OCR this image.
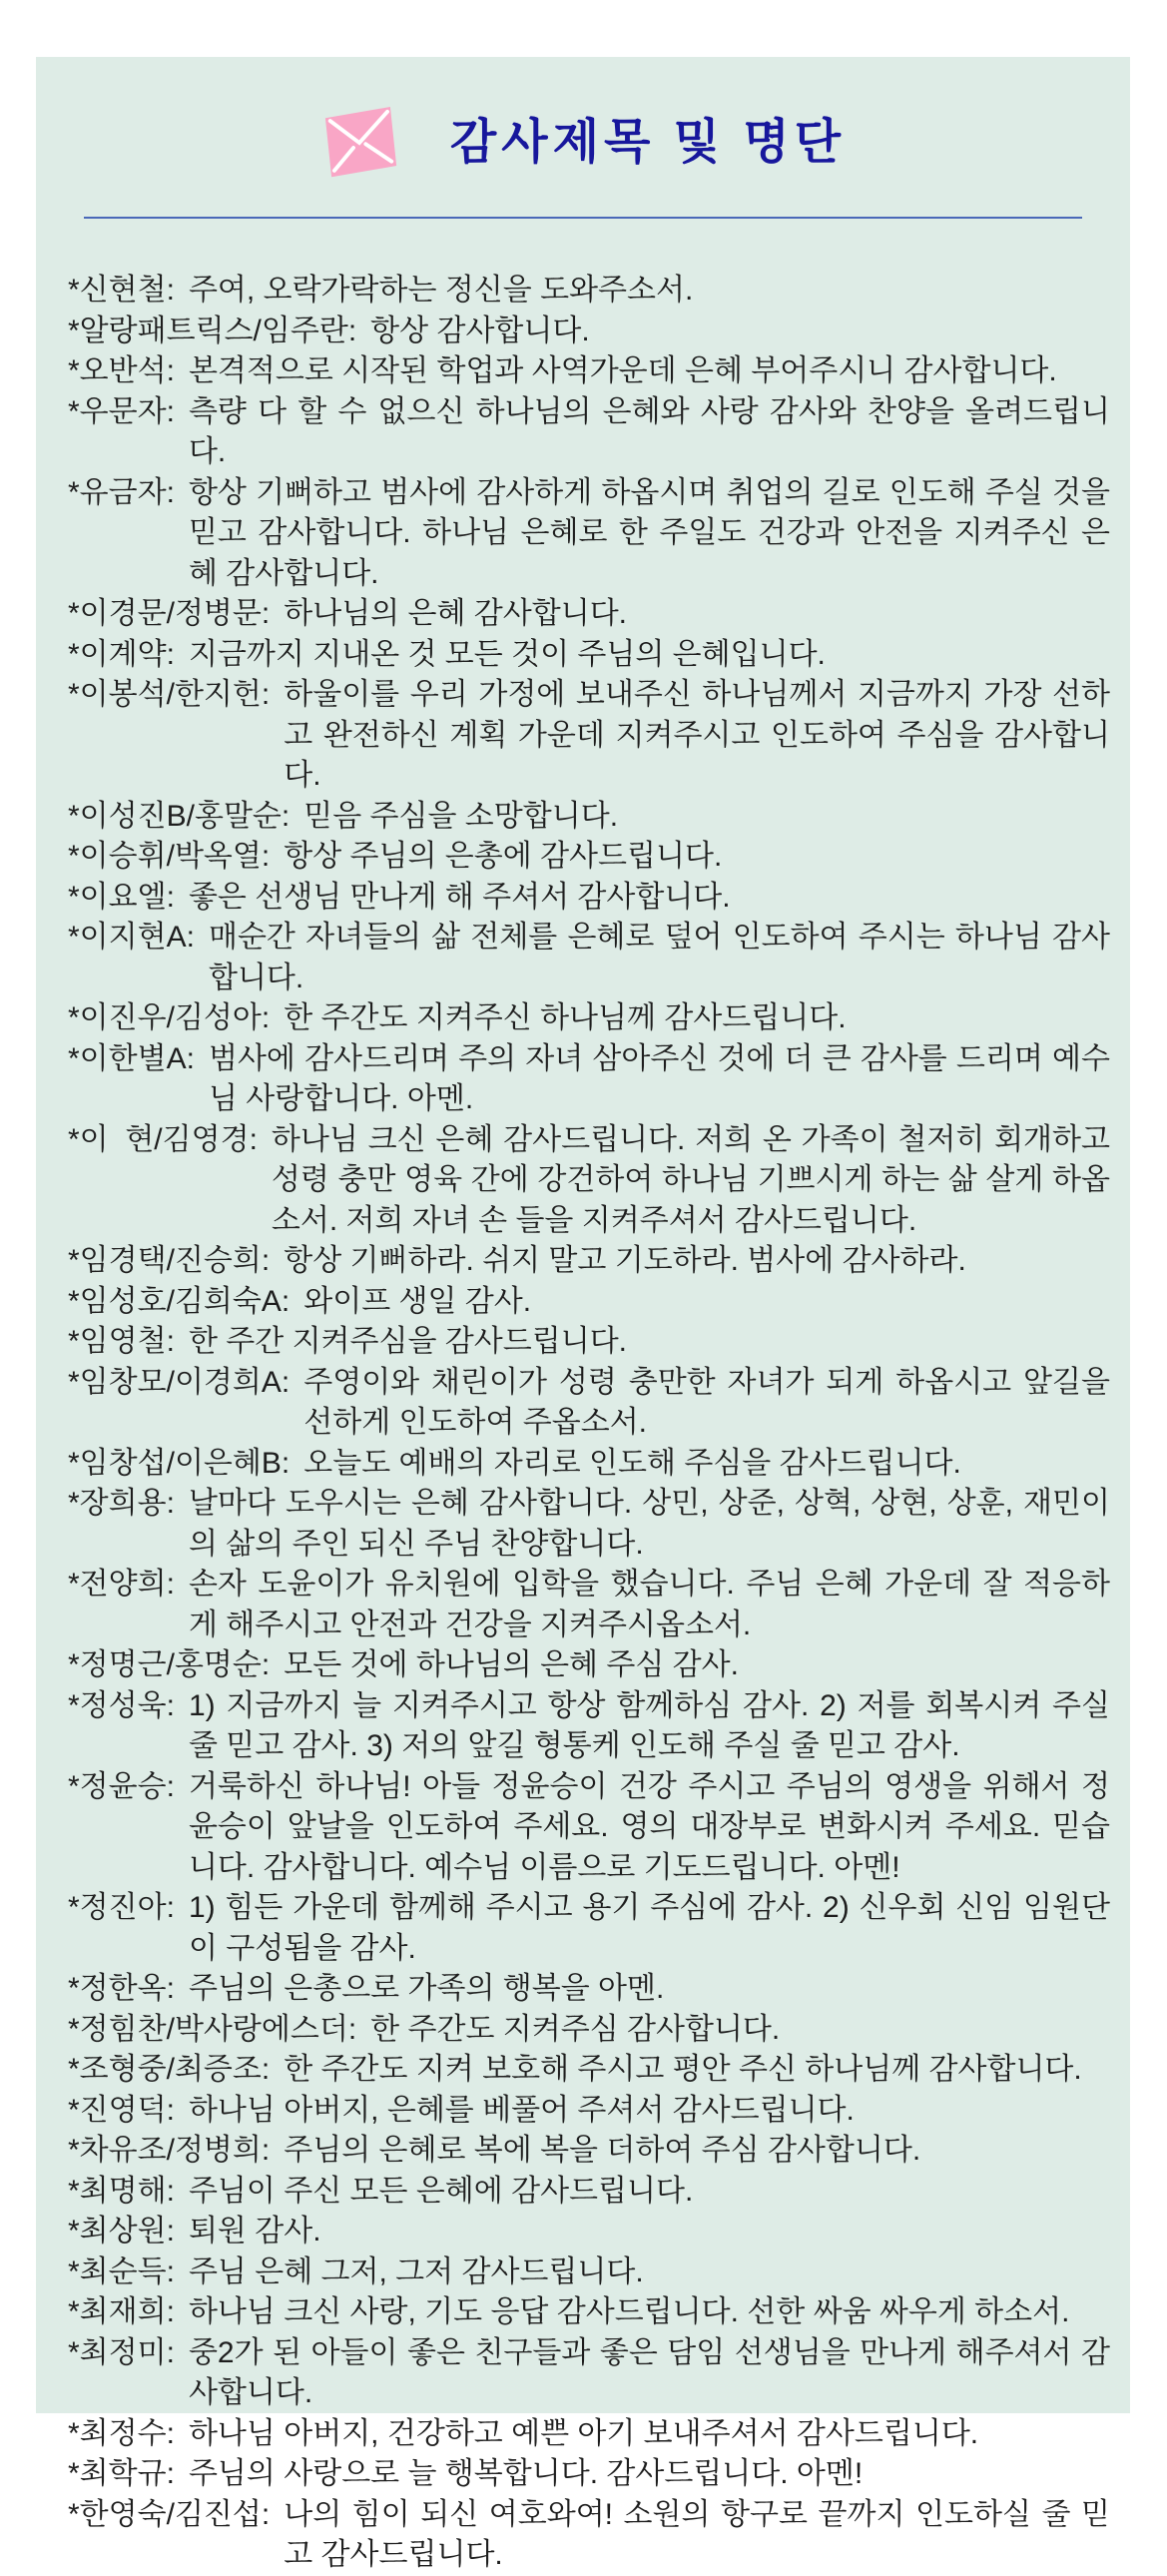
감사제목 및 명단
*신현철: 주여, 오락가락하는 정신을 도와주소서.
*알랑패트릭스/임주란: 항상 감사합니다.
*오반석: 본격적으로 시작된 학업과 사역가운데 은혜 부어주시니 감사합니다.
*우문자: 측량 다 할 수 없으신 하나님의 은혜와 사랑 감사와 찬양을 올려드립니다.
*유금자: 항상 기뻐하고 범사에 감사하게 하옵시며 취업의 길로 인도해 주실 것을 믿고 감사합니다. 하나님 은혜로 한 주일도 건강과 안전을 지켜주신 은혜 감사합니다.
*이경문/정병문: 하나님의 은혜 감사합니다.
*이계약: 지금까지 지내온 것 모든 것이 주님의 은혜입니다.
*이봉석/한지헌: 하울이를 우리 가정에 보내주신 하나님께서 지금까지 가장 선하고 완전하신 계획 가운데 지켜주시고 인도하여 주심을 감사합니다.
*이성진B/홍말순: 믿음 주심을 소망합니다.
*이승휘/박옥열: 항상 주님의 은총에 감사드립니다.
*이요엘: 좋은 선생님 만나게 해 주셔서 감사합니다.
*이지현A: 매순간 자녀들의 삶 전체를 은혜로 덮어 인도하여 주시는 하나님 감사합니다.
*이진우/김성아: 한 주간도 지켜주신 하나님께 감사드립니다.
*이한별A: 범사에 감사드리며 주의 자녀 삼아주신 것에 더 큰 감사를 드리며 예수님 사랑합니다. 아멘.
*이  현/김영경: 하나님 크신 은혜 감사드립니다. 저희 온 가족이 철저히 회개하고 성령 충만 영육 간에 강건하여 하나님 기쁘시게 하는 삶 살게 하옵소서. 저희 자녀 손 들을 지켜주셔서 감사드립니다.
*임경택/진승희: 항상 기뻐하라. 쉬지 말고 기도하라. 범사에 감사하라.
*임성호/김희숙A: 와이프 생일 감사.
*임영철: 한 주간 지켜주심을 감사드립니다.
*임창모/이경희A: 주영이와 채린이가 성령 충만한 자녀가 되게 하옵시고 앞길을 선하게 인도하여 주옵소서.
*임창섭/이은혜B: 오늘도 예배의 자리로 인도해 주심을 감사드립니다.
*장희용: 날마다 도우시는 은혜 감사합니다. 상민, 상준, 상혁, 상현, 상훈, 재민이의 삶의 주인 되신 주님 찬양합니다.
*전양희: 손자 도윤이가 유치원에 입학을 했습니다. 주님 은혜 가운데 잘 적응하게 해주시고 안전과 건강을 지켜주시옵소서.
*정명근/홍명순: 모든 것에 하나님의 은혜 주심 감사.
*정성욱: 1) 지금까지 늘 지켜주시고 항상 함께하심 감사. 2) 저를 회복시켜 주실 줄 믿고 감사. 3) 저의 앞길 형통케 인도해 주실 줄 믿고 감사.
*정윤승: 거룩하신 하나님! 아들 정윤승이 건강 주시고 주님의 영생을 위해서 정윤승이 앞날을 인도하여 주세요. 영의 대장부로 변화시켜 주세요. 믿습니다. 감사합니다. 예수님 이름으로 기도드립니다. 아멘!
*정진아: 1) 힘든 가운데 함께해 주시고 용기 주심에 감사. 2) 신우회 신임 임원단이 구성됨을 감사.
*정한옥: 주님의 은총으로 가족의 행복을 아멘.
*정힘찬/박사랑에스더: 한 주간도 지켜주심 감사합니다.
*조형중/최증조: 한 주간도 지켜 보호해 주시고 평안 주신 하나님께 감사합니다.
*진영덕: 하나님 아버지, 은혜를 베풀어 주셔서 감사드립니다.
*차유조/정병희: 주님의 은혜로 복에 복을 더하여 주심 감사합니다.
*최명해: 주님이 주신 모든 은혜에 감사드립니다.
*최상원: 퇴원 감사.
*최순득: 주님 은혜 그저, 그저 감사드립니다.
*최재희: 하나님 크신 사랑, 기도 응답 감사드립니다. 선한 싸움 싸우게 하소서.
*최정미: 중2가 된 아들이 좋은 친구들과 좋은 담임 선생님을 만나게 해주셔서 감사합니다.
*최정수: 하나님 아버지, 건강하고 예쁜 아기 보내주셔서 감사드립니다.
*최학규: 주님의 사랑으로 늘 행복합니다. 감사드립니다. 아멘!
*한영숙/김진섭: 나의 힘이 되신 여호와여! 소원의 항구로 끝까지 인도하실 줄 믿고 감사드립니다.
